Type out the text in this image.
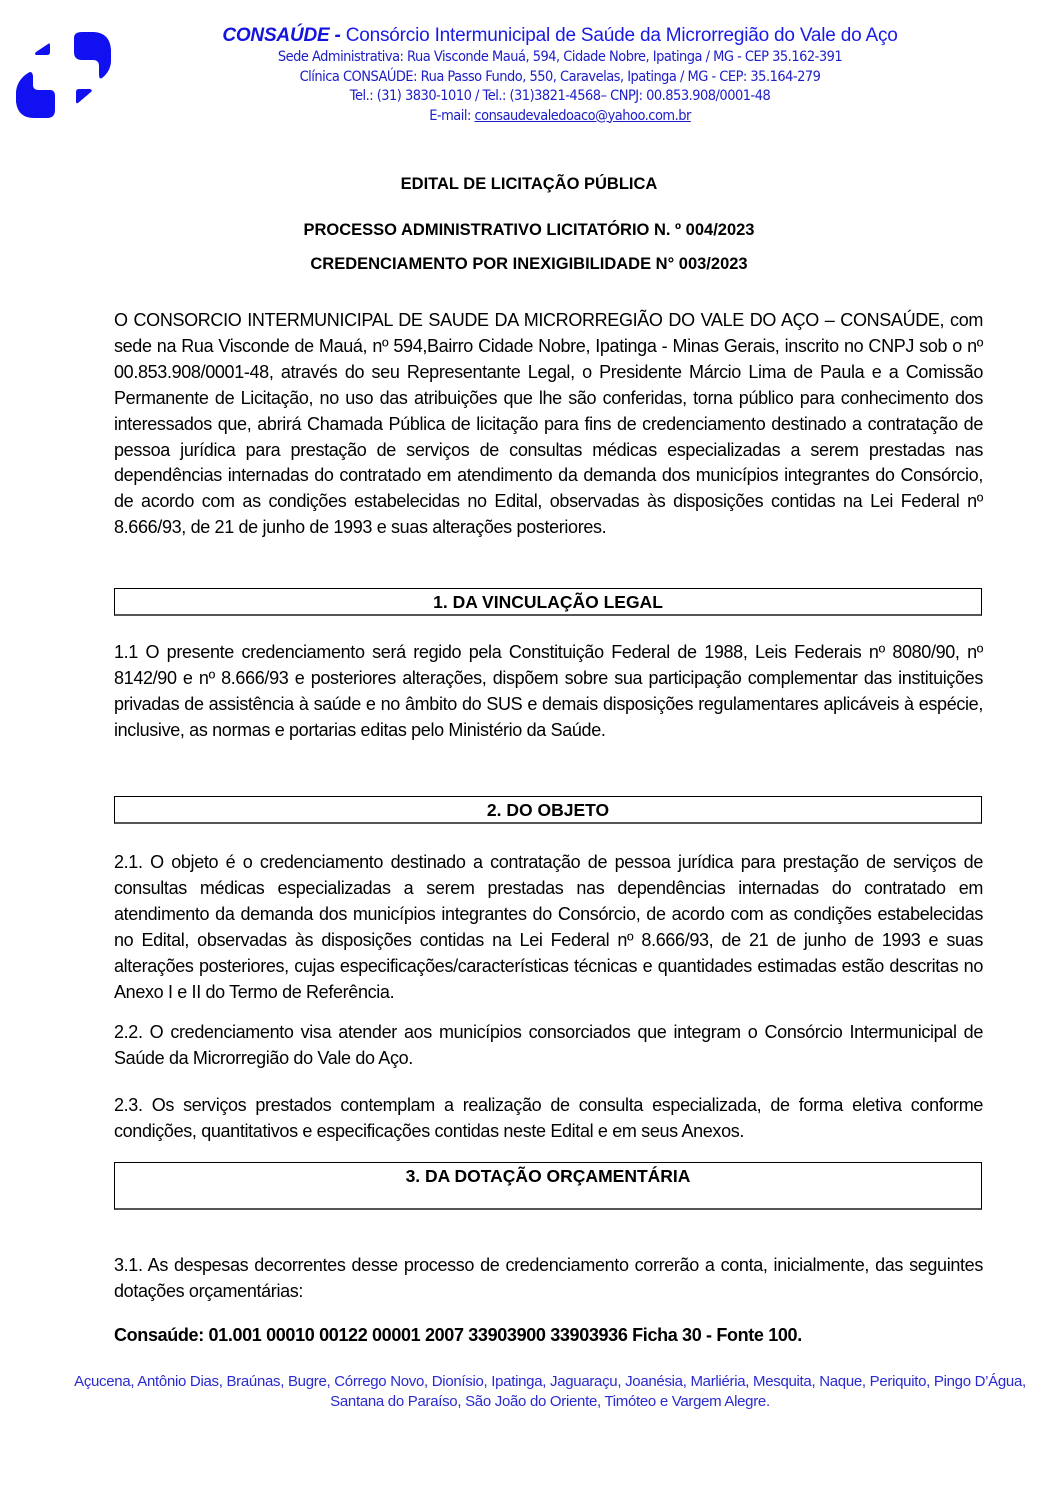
CONSAÚDE - Consórcio Intermunicipal de Saúde da Microrregião do Vale do Aço
Sede Administrativa: Rua Visconde Mauá, 594, Cidade Nobre, Ipatinga / MG - CEP 35.162-391
Clínica CONSAÚDE: Rua Passo Fundo, 550, Caravelas, Ipatinga / MG - CEP: 35.164-279
Tel.: (31) 3830-1010 / Tel.: (31)3821-4568– CNPJ: 00.853.908/0001-48
E-mail: consaudevaledoaco@yahoo.com.br
EDITAL DE LICITAÇÃO PÚBLICA
PROCESSO ADMINISTRATIVO LICITATÓRIO N. º 004/2023
CREDENCIAMENTO POR INEXIGIBILIDADE N° 003/2023
O CONSORCIO INTERMUNICIPAL DE SAUDE DA MICRORREGIÃO DO VALE DO AÇO – CONSAÚDE, com sede na Rua Visconde de Mauá, nº 594,Bairro Cidade Nobre, Ipatinga - Minas Gerais, inscrito no CNPJ sob o nº 00.853.908/0001-48, através do seu Representante Legal, o Presidente Márcio Lima de Paula e a Comissão Permanente de Licitação, no uso das atribuições que lhe são conferidas, torna público para conhecimento dos interessados que, abrirá Chamada Pública de licitação para fins de credenciamento destinado a contratação de pessoa jurídica para prestação de serviços de consultas médicas especializadas a serem prestadas nas dependências internadas do contratado em atendimento da demanda dos municípios integrantes do Consórcio, de acordo com as condições estabelecidas no Edital, observadas às disposições contidas na Lei Federal nº 8.666/93, de 21 de junho de 1993 e suas alterações posteriores.
1. DA VINCULAÇÃO LEGAL
1.1 O presente credenciamento será regido pela Constituição Federal de 1988, Leis Federais nº 8080/90, nº 8142/90 e nº 8.666/93 e posteriores alterações, dispõem sobre sua participação complementar das instituições privadas de assistência à saúde e no âmbito do SUS e demais disposições regulamentares aplicáveis à espécie, inclusive, as normas e portarias editas pelo Ministério da Saúde.
2. DO OBJETO
2.1. O objeto é o credenciamento destinado a contratação de pessoa jurídica para prestação de serviços de consultas médicas especializadas a serem prestadas nas dependências internadas do contratado em atendimento da demanda dos municípios integrantes do Consórcio, de acordo com as condições estabelecidas no Edital, observadas às disposições contidas na Lei Federal nº 8.666/93, de 21 de junho de 1993 e suas alterações posteriores, cujas especificações/características técnicas e quantidades estimadas estão descritas no Anexo I e II do Termo de Referência.
2.2. O credenciamento visa atender aos municípios consorciados que integram o Consórcio Intermunicipal de Saúde da Microrregião do Vale do Aço.
2.3. Os serviços prestados contemplam a realização de consulta especializada, de forma eletiva conforme condições, quantitativos e especificações contidas neste Edital e em seus Anexos.
3. DA DOTAÇÃO ORÇAMENTÁRIA
3.1. As despesas decorrentes desse processo de credenciamento correrão a conta, inicialmente, das seguintes dotações orçamentárias:
Consaúde: 01.001 00010 00122 00001 2007 33903900 33903936 Ficha 30 - Fonte 100.
Açucena, Antônio Dias, Braúnas, Bugre, Córrego Novo, Dionísio, Ipatinga, Jaguaraçu, Joanésia, Marliéria, Mesquita, Naque, Periquito, Pingo D’Água, Santana do Paraíso, São João do Oriente, Timóteo e Vargem Alegre.
